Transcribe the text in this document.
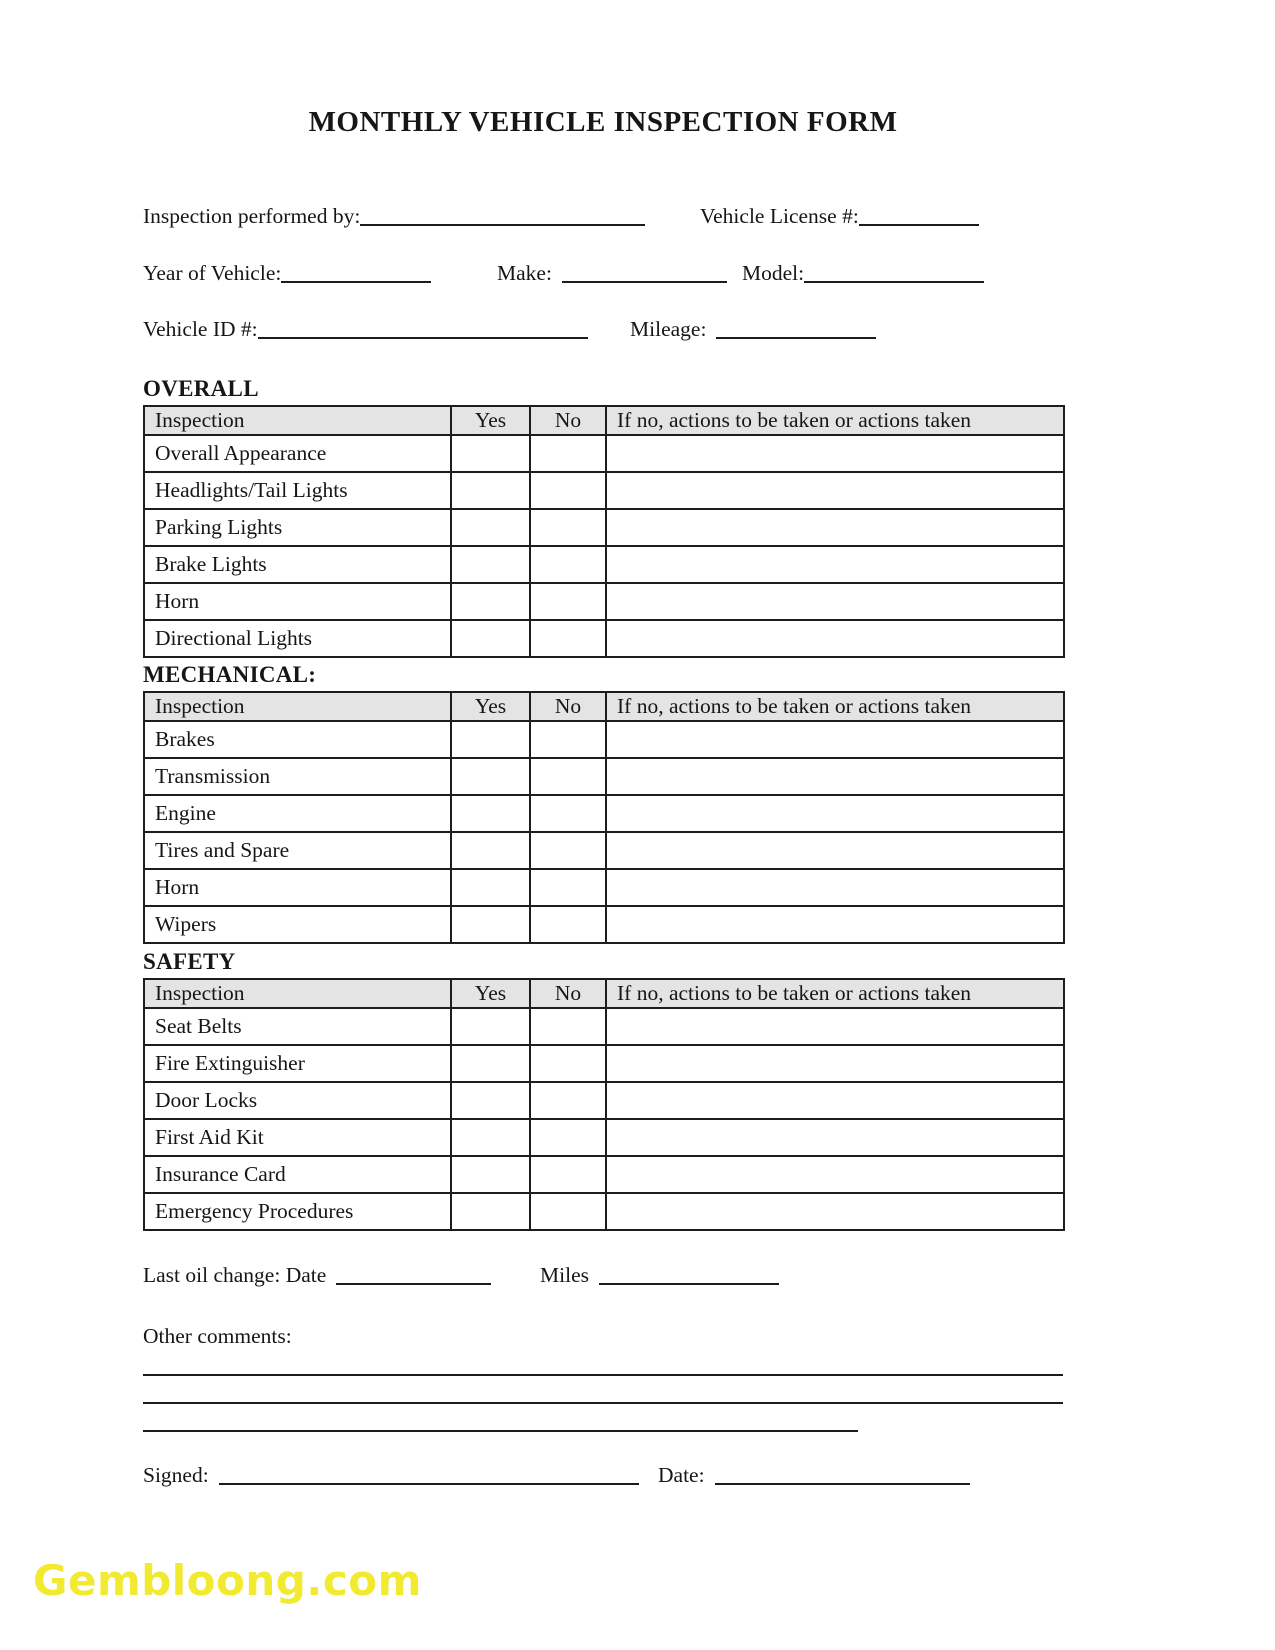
MONTHLY VEHICLE INSPECTION FORM
Inspection performed by:	Vehicle License #:
Year of Vehicle:	Make:	Model:
Vehicle ID #:	Mileage:
OVERALL
Inspection	Yes	No	If no, actions to be taken or actions taken
Overall Appearance			
Headlights/Tail Lights			
Parking Lights			
Brake Lights			
Horn			
Directional Lights			
MECHANICAL:
Inspection	Yes	No	If no, actions to be taken or actions taken
Brakes			
Transmission			
Engine			
Tires and Spare			
Horn			
Wipers			
SAFETY
Inspection	Yes	No	If no, actions to be taken or actions taken
Seat Belts			
Fire Extinguisher			
Door Locks			
First Aid Kit			
Insurance Card			
Emergency Procedures			
Last oil change: Date	Miles
Other comments:
Signed:	Date:
Gembloong.com
